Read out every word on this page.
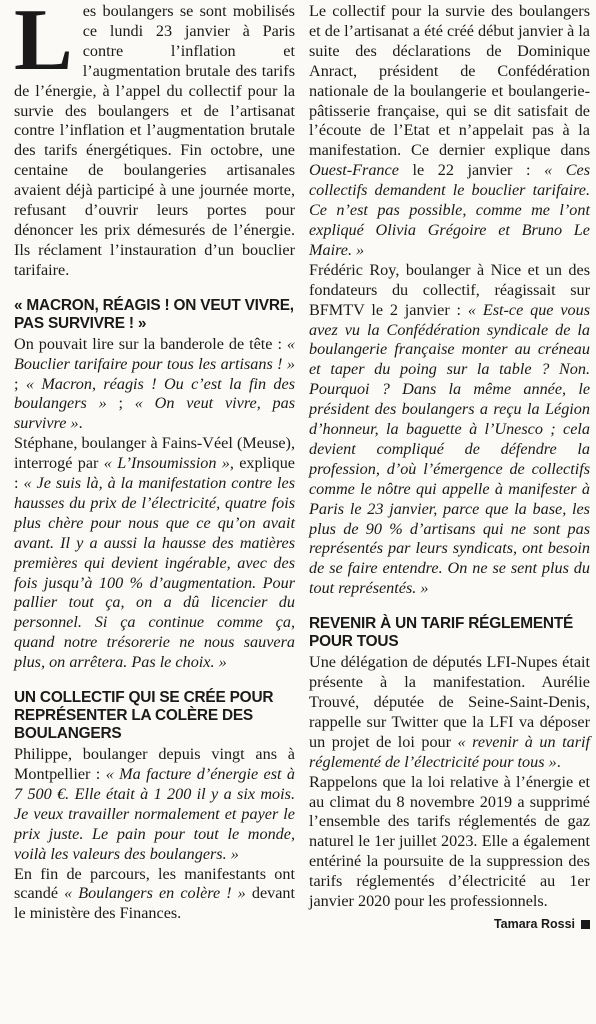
Les boulangers se sont mobilisés ce lundi 23 janvier à Paris contre l’inflation et l’augmentation brutale des tarifs de l’énergie, à l’appel du collectif pour la survie des boulangers et de l’artisanat contre l’inflation et l’augmentation brutale des tarifs énergétiques. Fin octobre, une centaine de boulangeries artisanales avaient déjà participé à une journée morte, refusant d’ouvrir leurs portes pour dénoncer les prix démesurés de l’énergie. Ils réclament l’instauration d’un bouclier tarifaire.

« MACRON, RÉAGIS ! ON VEUT VIVRE, PAS SURVIVRE ! »

On pouvait lire sur la banderole de tête : « Bouclier tarifaire pour tous les artisans ! » ; « Macron, réagis ! Ou c’est la fin des boulangers » ; « On veut vivre, pas survivre ».

Stéphane, boulanger à Fains-Véel (Meuse), interrogé par « L’Insoumission », explique : « Je suis là, à la manifestation contre les hausses du prix de l’électricité, quatre fois plus chère pour nous que ce qu’on avait avant. Il y a aussi la hausse des matières premières qui devient ingérable, avec des fois jusqu’à 100 % d’augmentation. Pour pallier tout ça, on a dû licencier du personnel. Si ça continue comme ça, quand notre trésorerie ne nous sauvera plus, on arrêtera. Pas le choix. »

UN COLLECTIF QUI SE CRÉE POUR REPRÉSENTER LA COLÈRE DES BOULANGERS

Philippe, boulanger depuis vingt ans à Montpellier : « Ma facture d’énergie est à 7 500 €. Elle était à 1 200 il y a six mois. Je veux travailler normalement et payer le prix juste. Le pain pour tout le monde, voilà les valeurs des boulangers. »

En fin de parcours, les manifestants ont scandé « Boulangers en colère ! » devant le ministère des Finances.

Le collectif pour la survie des boulangers et de l’artisanat a été créé début janvier à la suite des déclarations de Dominique Anract, président de Confédération nationale de la boulangerie et boulangerie-pâtisserie française, qui se dit satisfait de l’écoute de l’Etat et n’appelait pas à la manifestation. Ce dernier explique dans Ouest-France le 22 janvier : « Ces collectifs demandent le bouclier tarifaire. Ce n’est pas possible, comme me l’ont expliqué Olivia Grégoire et Bruno Le Maire. »

Frédéric Roy, boulanger à Nice et un des fondateurs du collectif, réagissait sur BFMTV le 2 janvier : « Est-ce que vous avez vu la Confédération syndicale de la boulangerie française monter au créneau et taper du poing sur la table ? Non. Pourquoi ? Dans la même année, le président des boulangers a reçu la Légion d’honneur, la baguette à l’Unesco ; cela devient compliqué de défendre la profession, d’où l’émergence de collectifs comme le nôtre qui appelle à manifester à Paris le 23 janvier, parce que la base, les plus de 90 % d’artisans qui ne sont pas représentés par leurs syndicats, ont besoin de se faire entendre. On ne se sent plus du tout représentés. »

REVENIR À UN TARIF RÉGLEMENTÉ POUR TOUS

Une délégation de députés LFI-Nupes était présente à la manifestation. Aurélie Trouvé, députée de Seine-Saint-Denis, rappelle sur Twitter que la LFI va déposer un projet de loi pour « revenir à un tarif réglementé de l’électricité pour tous ».

Rappelons que la loi relative à l’énergie et au climat du 8 novembre 2019 a supprimé l’ensemble des tarifs réglementés de gaz naturel le 1er juillet 2023. Elle a également entériné la poursuite de la suppression des tarifs réglementés d’électricité au 1er janvier 2020 pour les professionnels.

Tamara Rossi
